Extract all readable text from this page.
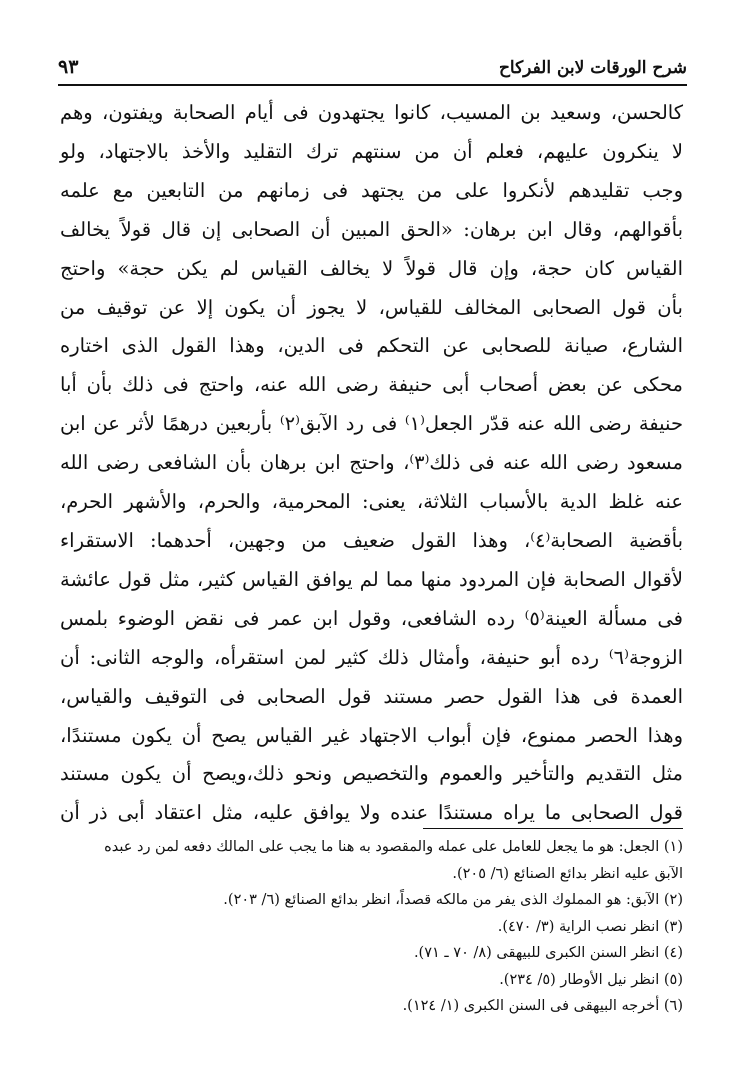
شرح الورقات لابن الفركاح
٩٣
كالحسن، وسعيد بن المسيب، كانوا يجتهدون فى أيام الصحابة ويفتون، وهم
لا ينكرون عليهم، فعلم أن من سنتهم ترك التقليد والأخذ بالاجتهاد، ولو
وجب تقليدهم لأنكروا على من يجتهد فى زمانهم من التابعين مع علمه
بأقوالهم، وقال ابن برهان: «الحق المبين أن الصحابى إن قال قولاً يخالف
القياس كان حجة، وإن قال قولاً لا يخالف القياس لم يكن حجة» واحتج
بأن قول الصحابى المخالف للقياس، لا يجوز أن يكون إلا عن توقيف من
الشارع، صيانة للصحابى عن التحكم فى الدين، وهذا القول الذى اختاره
محكى عن بعض أصحاب أبى حنيفة رضى الله عنه، واحتج فى ذلك بأن أبا
حنيفة رضى الله عنه قدّر الجعل⁽١⁾ فى رد الآبق⁽٢⁾ بأربعين درهمًا لأثر عن ابن
مسعود رضى الله عنه فى ذلك⁽٣⁾، واحتج ابن برهان بأن الشافعى رضى الله
عنه غلظ الدية بالأسباب الثلاثة، يعنى: المحرمية، والحرم، والأشهر الحرم،
بأقضية الصحابة⁽٤⁾، وهذا القول ضعيف من وجهين، أحدهما: الاستقراء
لأقوال الصحابة فإن المردود منها مما لم يوافق القياس كثير، مثل قول عائشة
فى مسألة العينة⁽٥⁾ رده الشافعى، وقول ابن عمر فى نقض الوضوء بلمس
الزوجة⁽٦⁾ رده أبو حنيفة، وأمثال ذلك كثير لمن استقرأه، والوجه الثانى: أن
العمدة فى هذا القول حصر مستند قول الصحابى فى التوقيف والقياس،
وهذا الحصر ممنوع، فإن أبواب الاجتهاد غير القياس يصح أن يكون مستندًا،
مثل التقديم والتأخير والعموم والتخصيص ونحو ذلك،ويصح أن يكون مستند
قول الصحابى ما يراه مستندًا عنده ولا يوافق عليه، مثل اعتقاد أبى ذر أن
(١) الجعل: هو ما يجعل للعامل على عمله والمقصود به هنا ما يجب على المالك دفعه لمن رد عبده
الآبق عليه انظر بدائع الصنائع (٦/ ٢٠٥).
(٢) الآبق: هو المملوك الذى يفر من مالكه قصداً، انظر بدائع الصنائع (٦/ ٢٠٣).
(٣) انظر نصب الراية (٣/ ٤٧٠).
(٤) انظر السنن الكبرى للبيهقى (٨/ ٧٠ ـ ٧١).
(٥) انظر نيل الأوطار (٥/ ٢٣٤).
(٦) أخرجه البيهقى فى السنن الكبرى (١/ ١٢٤).
